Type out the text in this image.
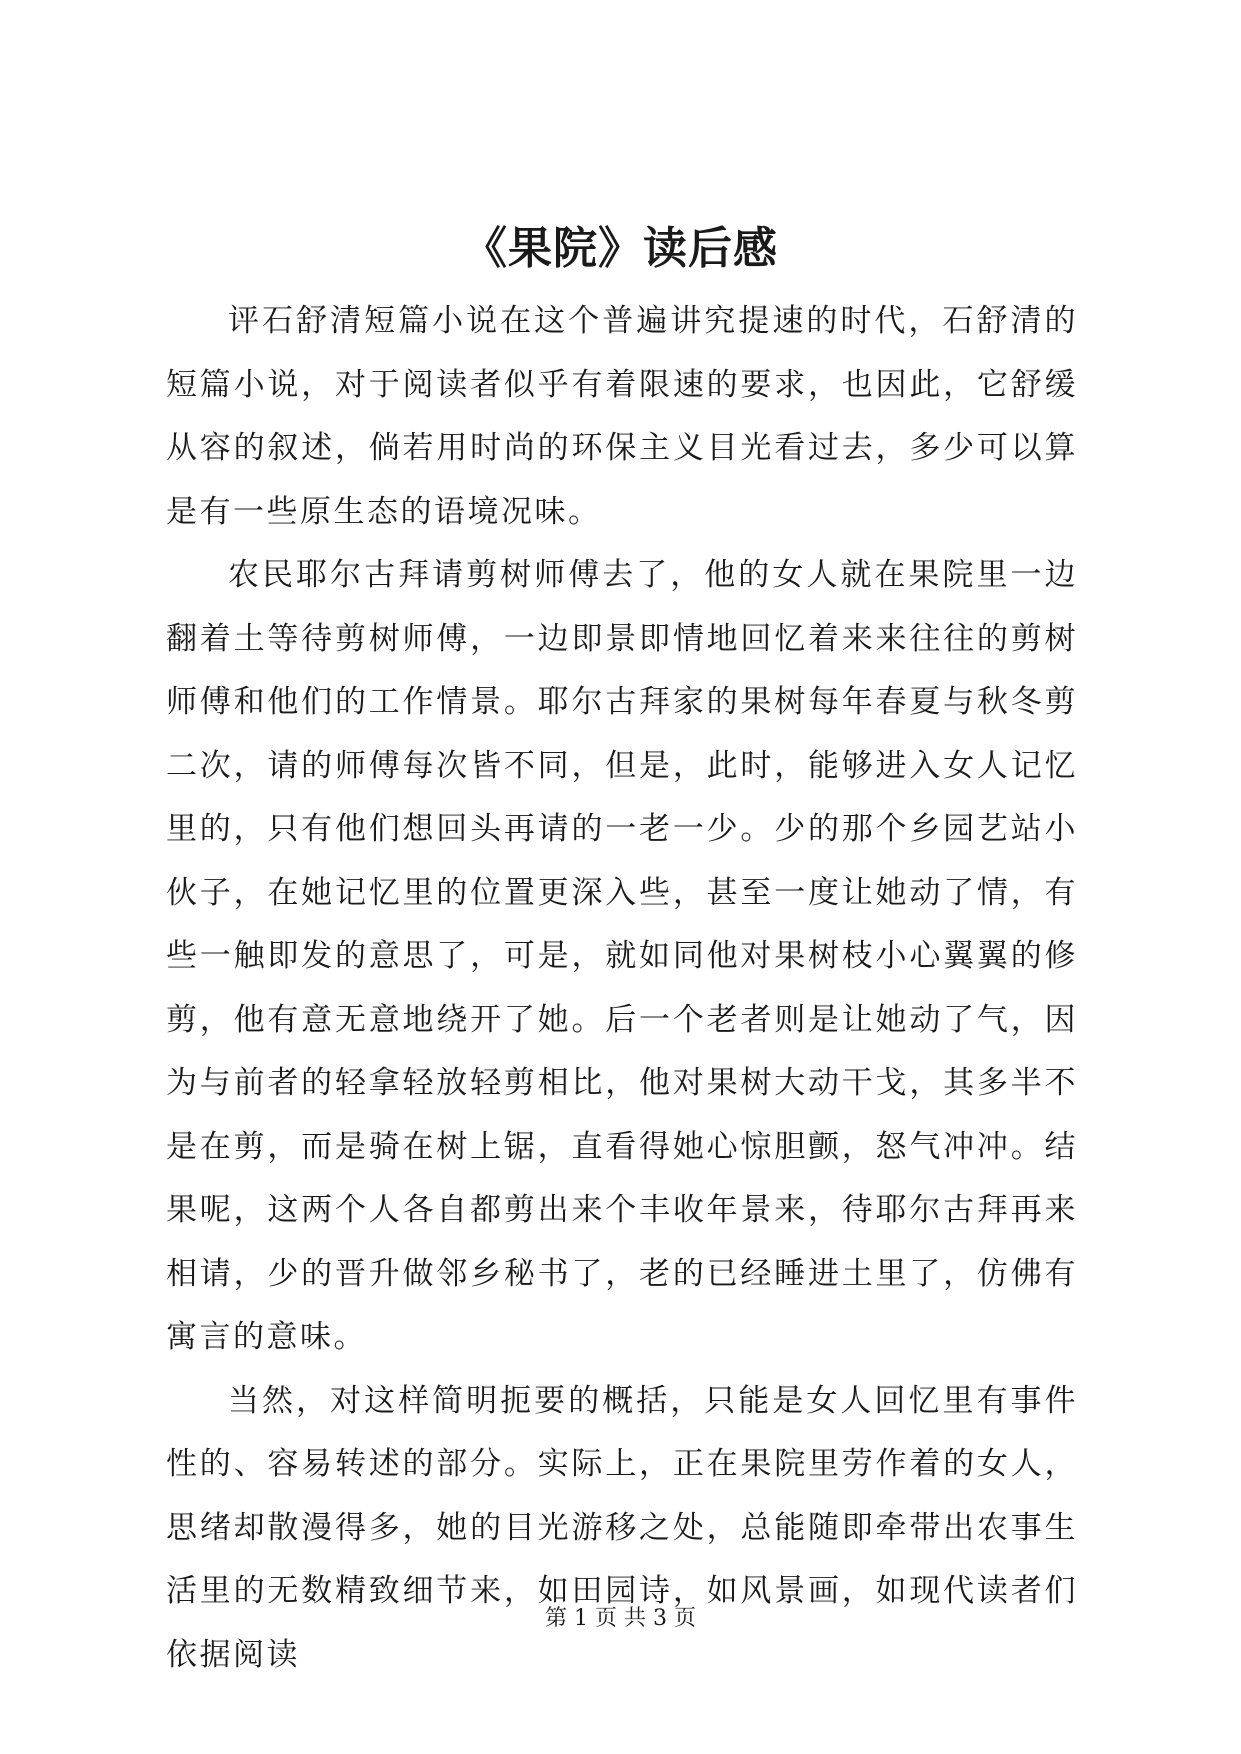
《果院》读后感

评石舒清短篇小说在这个普遍讲究提速的时代，石舒清的短篇小说，对于阅读者似乎有着限速的要求，也因此，它舒缓从容的叙述，倘若用时尚的环保主义目光看过去，多少可以算是有一些原生态的语境况味。

农民耶尔古拜请剪树师傅去了，他的女人就在果院里一边翻着土等待剪树师傅，一边即景即情地回忆着来来往往的剪树师傅和他们的工作情景。耶尔古拜家的果树每年春夏与秋冬剪二次，请的师傅每次皆不同，但是，此时，能够进入女人记忆里的，只有他们想回头再请的一老一少。少的那个乡园艺站小伙子，在她记忆里的位置更深入些，甚至一度让她动了情，有些一触即发的意思了，可是，就如同他对果树枝小心翼翼的修剪，他有意无意地绕开了她。后一个老者则是让她动了气，因为与前者的轻拿轻放轻剪相比，他对果树大动干戈，其多半不是在剪，而是骑在树上锯，直看得她心惊胆颤，怒气冲冲。结果呢，这两个人各自都剪出来个丰收年景来，待耶尔古拜再来相请，少的晋升做邻乡秘书了，老的已经睡进土里了，仿佛有寓言的意味。

当然，对这样简明扼要的概括，只能是女人回忆里有事件性的、容易转述的部分。实际上，正在果院里劳作着的女人，思绪却散漫得多，她的目光游移之处，总能随即牵带出农事生活里的无数精致细节来，如田园诗，如风景画，如现代读者们依据阅读

第 1 页 共 3 页
